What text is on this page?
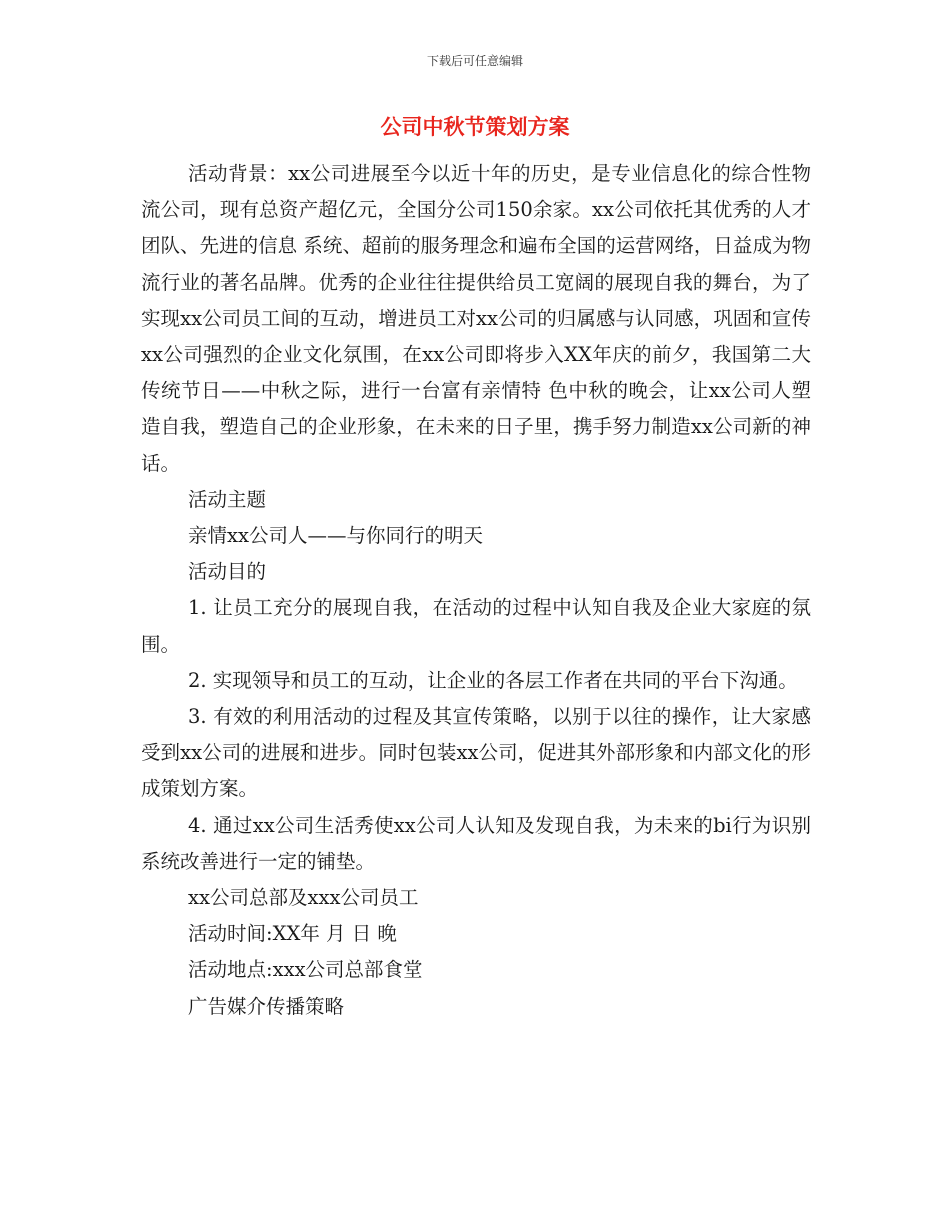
下载后可任意编辑
公司中秋节策划方案

活动背景：xx公司进展至今以近十年的历史，是专业信息化的综合性物流公司，现有总资产超亿元，全国分公司150余家。xx公司依托其优秀的人才团队、先进的信息 系统、超前的服务理念和遍布全国的运营网络，日益成为物流行业的著名品牌。优秀的企业往往提供给员工宽阔的展现自我的舞台，为了实现xx公司员工间的互动，增进员工对xx公司的归属感与认同感，巩固和宣传xx公司强烈的企业文化氛围，在xx公司即将步入XX年庆的前夕，我国第二大传统节日——中秋之际，进行一台富有亲情特 色中秋的晚会，让xx公司人塑造自我，塑造自己的企业形象，在未来的日子里，携手努力制造xx公司新的神话。

活动主题

亲情xx公司人——与你同行的明天

活动目的

1. 让员工充分的展现自我，在活动的过程中认知自我及企业大家庭的氛围。

2. 实现领导和员工的互动，让企业的各层工作者在共同的平台下沟通。

3. 有效的利用活动的过程及其宣传策略，以别于以往的操作，让大家感受到xx公司的进展和进步。同时包装xx公司，促进其外部形象和内部文化的形成策划方案。

4. 通过xx公司生活秀使xx公司人认知及发现自我，为未来的bi行为识别系统改善进行一定的铺垫。

xx公司总部及xxx公司员工

活动时间:XX年 月 日 晚

活动地点:xxx公司总部食堂

广告媒介传播策略
